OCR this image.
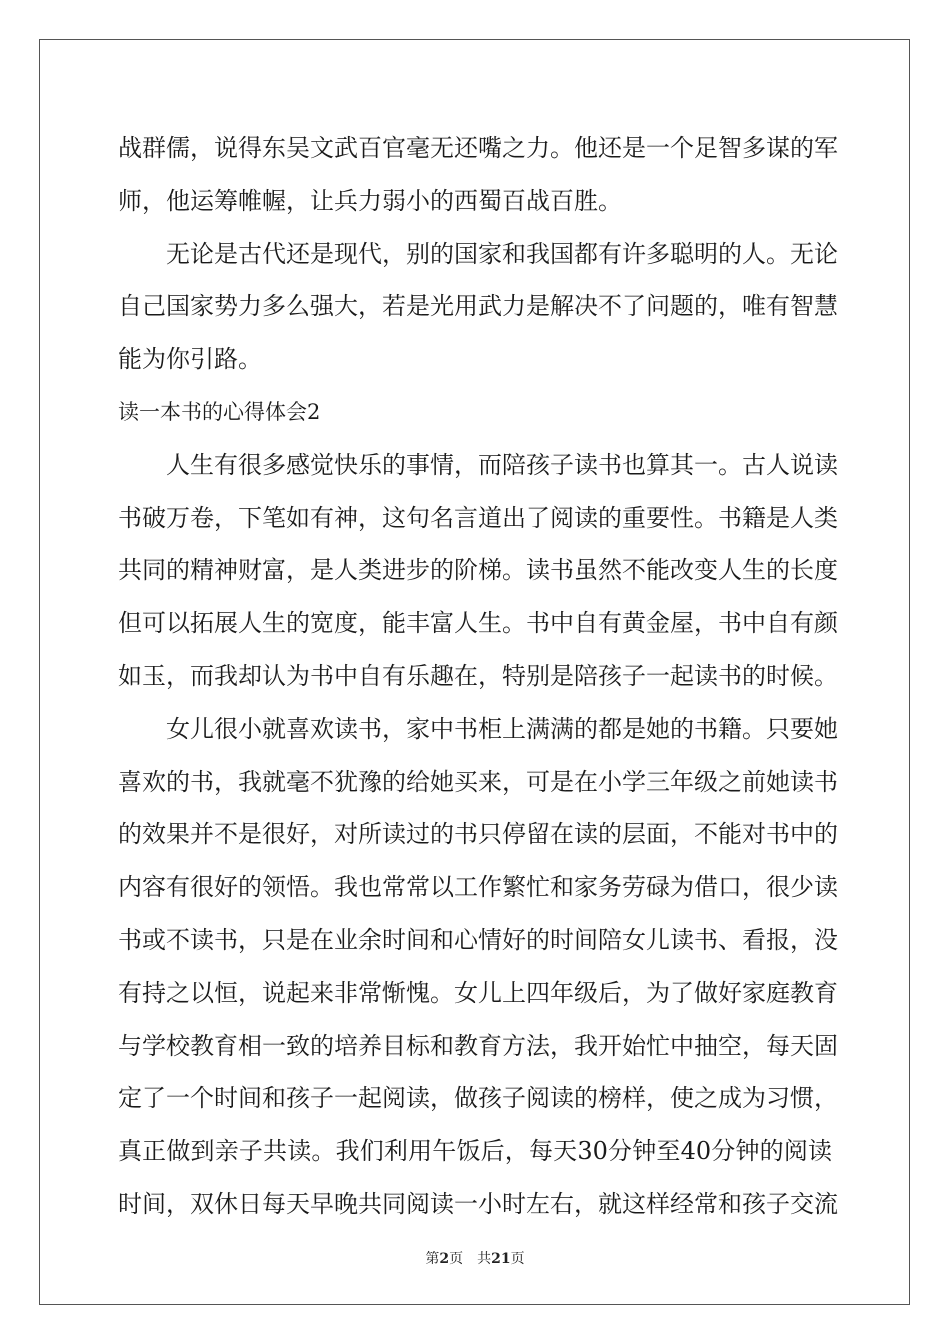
战群儒，说得东吴文武百官毫无还嘴之力。他还是一个足智多谋的军
师，他运筹帷幄，让兵力弱小的西蜀百战百胜。
无论是古代还是现代，别的国家和我国都有许多聪明的人。无论
自己国家势力多么强大，若是光用武力是解决不了问题的，唯有智慧
能为你引路。
读一本书的心得体会2
人生有很多感觉快乐的事情，而陪孩子读书也算其一。古人说读
书破万卷，下笔如有神，这句名言道出了阅读的重要性。书籍是人类
共同的精神财富，是人类进步的阶梯。读书虽然不能改变人生的长度
但可以拓展人生的宽度，能丰富人生。书中自有黄金屋，书中自有颜
如玉，而我却认为书中自有乐趣在，特别是陪孩子一起读书的时候。
女儿很小就喜欢读书，家中书柜上满满的都是她的书籍。只要她
喜欢的书，我就毫不犹豫的给她买来，可是在小学三年级之前她读书
的效果并不是很好，对所读过的书只停留在读的层面，不能对书中的
内容有很好的领悟。我也常常以工作繁忙和家务劳碌为借口，很少读
书或不读书，只是在业余时间和心情好的时间陪女儿读书、看报，没
有持之以恒，说起来非常惭愧。女儿上四年级后，为了做好家庭教育
与学校教育相一致的培养目标和教育方法，我开始忙中抽空，每天固
定了一个时间和孩子一起阅读，做孩子阅读的榜样，使之成为习惯，
真正做到亲子共读。我们利用午饭后，每天30分钟至40分钟的阅读
时间，双休日每天早晚共同阅读一小时左右，就这样经常和孩子交流
第2页 共21页
